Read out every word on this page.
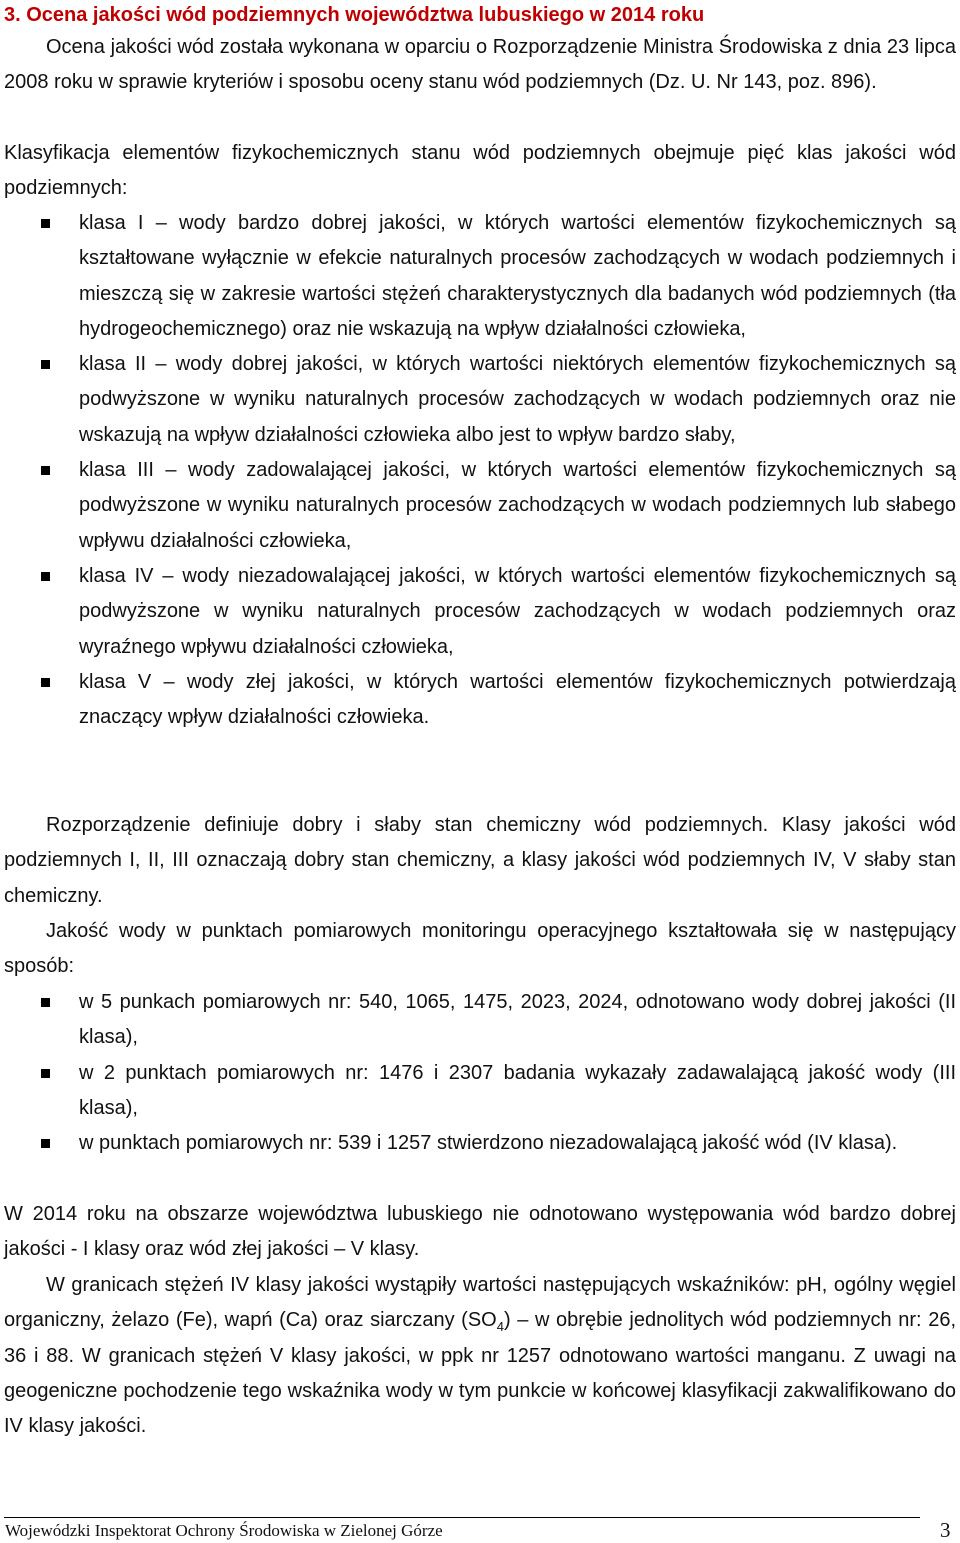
3. Ocena jakości wód podziemnych województwa lubuskiego w 2014 roku
Ocena jakości wód została wykonana w oparciu o Rozporządzenie Ministra Środowiska z dnia 23 lipca 2008 roku w sprawie kryteriów i sposobu oceny stanu wód podziemnych (Dz. U. Nr 143, poz. 896).
Klasyfikacja elementów fizykochemicznych stanu wód podziemnych obejmuje pięć klas jakości wód podziemnych:
klasa I – wody bardzo dobrej jakości, w których wartości elementów fizykochemicznych są kształtowane wyłącznie w efekcie naturalnych procesów zachodzących w wodach podziemnych i mieszczą się w zakresie wartości stężeń charakterystycznych dla badanych wód podziemnych (tła hydrogeochemicznego) oraz nie wskazują na wpływ działalności człowieka,
klasa II – wody dobrej jakości, w których wartości niektórych elementów fizykochemicznych są podwyższone w wyniku naturalnych procesów zachodzących w wodach podziemnych oraz nie wskazują na wpływ działalności człowieka albo jest to wpływ bardzo słaby,
klasa III – wody zadowalającej jakości, w których wartości elementów fizykochemicznych są podwyższone w wyniku naturalnych procesów zachodzących w wodach podziemnych lub słabego wpływu działalności człowieka,
klasa IV – wody niezadowalającej jakości, w których wartości elementów fizykochemicznych są podwyższone w wyniku naturalnych procesów zachodzących w wodach podziemnych oraz wyraźnego wpływu działalności człowieka,
klasa V – wody złej jakości, w których wartości elementów fizykochemicznych potwierdzają znaczący wpływ działalności człowieka.
Rozporządzenie definiuje dobry i słaby stan chemiczny wód podziemnych. Klasy jakości wód podziemnych I, II, III oznaczają dobry stan chemiczny, a klasy jakości wód podziemnych IV, V słaby stan chemiczny.
Jakość wody w punktach pomiarowych monitoringu operacyjnego kształtowała się w następujący sposób:
w 5 punkach pomiarowych nr: 540, 1065, 1475, 2023, 2024, odnotowano wody dobrej jakości (II klasa),
w 2 punktach pomiarowych nr: 1476 i 2307 badania wykazały zadawalającą jakość wody (III klasa),
w punktach pomiarowych nr: 539 i 1257 stwierdzono niezadowalającą jakość wód (IV klasa).
W 2014 roku na obszarze województwa lubuskiego nie odnotowano występowania wód bardzo dobrej jakości - I klasy oraz wód złej jakości – V klasy.
W granicach stężeń IV klasy jakości wystąpiły wartości następujących wskaźników: pH, ogólny węgiel organiczny, żelazo (Fe), wapń (Ca) oraz siarczany $(SO_4)$ – w obrębie jednolitych wód podziemnych nr: 26, 36 i 88. W granicach stężeń V klasy jakości, w ppk nr 1257 odnotowano wartości manganu. Z uwagi na geogeniczne pochodzenie tego wskaźnika wody w tym punkcie w końcowej klasyfikacji zakwalifikowano do IV klasy jakości.
Wojewódzki Inspektorat Ochrony Środowiska w Zielonej Górze	3
